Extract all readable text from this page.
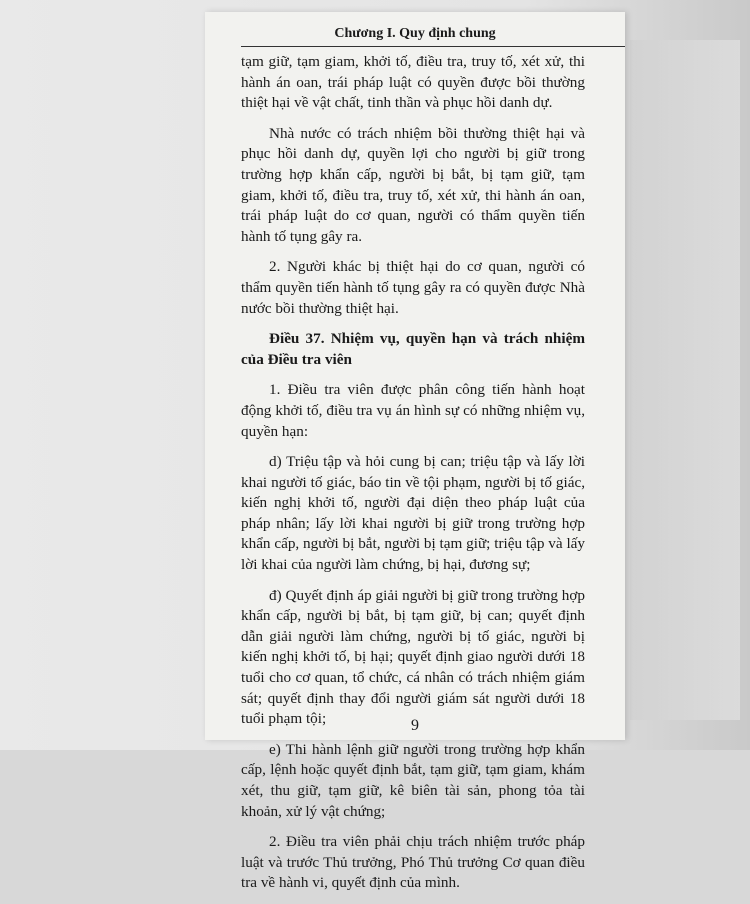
Chương I. Quy định chung

tạm giữ, tạm giam, khởi tố, điều tra, truy tố, xét xử, thi hành án oan, trái pháp luật có quyền được bồi thường thiệt hại về vật chất, tinh thần và phục hồi danh dự.

Nhà nước có trách nhiệm bồi thường thiệt hại và phục hồi danh dự, quyền lợi cho người bị giữ trong trường hợp khẩn cấp, người bị bắt, bị tạm giữ, tạm giam, khởi tố, điều tra, truy tố, xét xử, thi hành án oan, trái pháp luật do cơ quan, người có thẩm quyền tiến hành tố tụng gây ra.

2. Người khác bị thiệt hại do cơ quan, người có thẩm quyền tiến hành tố tụng gây ra có quyền được Nhà nước bồi thường thiệt hại.

Điều 37. Nhiệm vụ, quyền hạn và trách nhiệm của Điều tra viên

1. Điều tra viên được phân công tiến hành hoạt động khởi tố, điều tra vụ án hình sự có những nhiệm vụ, quyền hạn:

d) Triệu tập và hỏi cung bị can; triệu tập và lấy lời khai người tố giác, báo tin về tội phạm, người bị tố giác, kiến nghị khởi tố, người đại diện theo pháp luật của pháp nhân; lấy lời khai người bị giữ trong trường hợp khẩn cấp, người bị bắt, người bị tạm giữ; triệu tập và lấy lời khai của người làm chứng, bị hại, đương sự;

đ) Quyết định áp giải người bị giữ trong trường hợp khẩn cấp, người bị bắt, bị tạm giữ, bị can; quyết định dẫn giải người làm chứng, người bị tố giác, người bị kiến nghị khởi tố, bị hại; quyết định giao người dưới 18 tuổi cho cơ quan, tổ chức, cá nhân có trách nhiệm giám sát; quyết định thay đổi người giám sát người dưới 18 tuổi phạm tội;

e) Thi hành lệnh giữ người trong trường hợp khẩn cấp, lệnh hoặc quyết định bắt, tạm giữ, tạm giam, khám xét, thu giữ, tạm giữ, kê biên tài sản, phong tỏa tài khoản, xử lý vật chứng;

2. Điều tra viên phải chịu trách nhiệm trước pháp luật và trước Thủ trưởng, Phó Thủ trưởng Cơ quan điều tra về hành vi, quyết định của mình.

9
